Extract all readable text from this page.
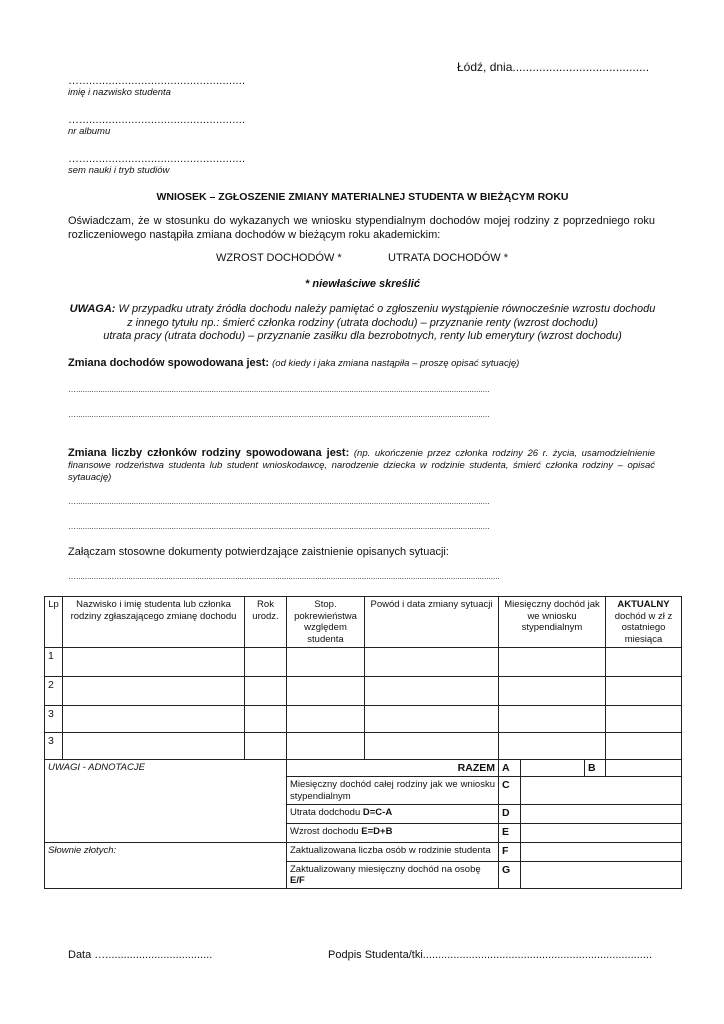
Łódź, dnia.........................................
…...................................................
imię i nazwisko studenta
…...................................................
nr albumu
…...................................................
sem nauki i tryb studiów
WNIOSEK – ZGŁOSZENIE ZMIANY MATERIALNEJ STUDENTA W BIEŻĄCYM ROKU
Oświadczam, że w stosunku do wykazanych we wniosku stypendialnym dochodów mojej rodziny z poprzedniego roku rozliczeniowego nastąpiła zmiana dochodów w bieżącym roku akademickim:
WZROST DOCHODÓW *	UTRATA DOCHODÓW *
* niewłaściwe skreślić
UWAGA: W przypadku utraty źródła dochodu należy pamiętać o zgłoszeniu wystąpienie równocześnie wzrostu dochodu
z innego tytułu np.: śmierć członka rodziny (utrata dochodu) – przyznanie renty (wzrost dochodu)
utrata pracy (utrata dochodu) – przyznanie zasiłku dla bezrobotnych, renty lub emerytury (wzrost dochodu)
Zmiana dochodów spowodowana jest: (od kiedy i jaka zmiana nastąpiła – proszę opisać sytuację)
…..........................................................................................................................................................................................
…..........................................................................................................................................................................................
Zmiana liczby członków rodziny spowodowana jest: (np. ukończenie przez członka rodziny 26 r. życia, usamodzielnienie finansowe rodzeństwa studenta lub student wnioskodawcę, narodzenie dziecka w rodzinie studenta, śmierć członka rodziny – opisać sytauację)
…..........................................................................................................................................................................................
…..........................................................................................................................................................................................
Załączam stosowne dokumenty potwierdzające zaistnienie opisanych sytuacji:
….................…..........................................................................................................................................................................
Lp	Nazwisko i imię studenta lub członka rodziny zgłaszającego zmianę dochodu	Rok urodz.	Stop. pokrewieństwa względem studenta	Powód i data zmiany sytuacji	Miesięczny dochód jak we wniosku stypendialnym			AKTUALNY
dochód w zł z ostatniego miesiąca

1								
2								
3								
3								
UWAGI - ADNOTACJE			RAZEM		A		B	
			Miesięczny dochód całej rodziny jak we wniosku stypendialnym		C			
			Utrata dodchodu D=C-A		D			
			Wzrost dochodu E=D+B		E			
Słownie złotych:			Zaktualizowana liczba osób w rodzinie studenta		F			
			Zaktualizowany miesięczny dochód na osobę E/F		G			
Data …...................................	Podpis Studenta/tki...........................................................................
